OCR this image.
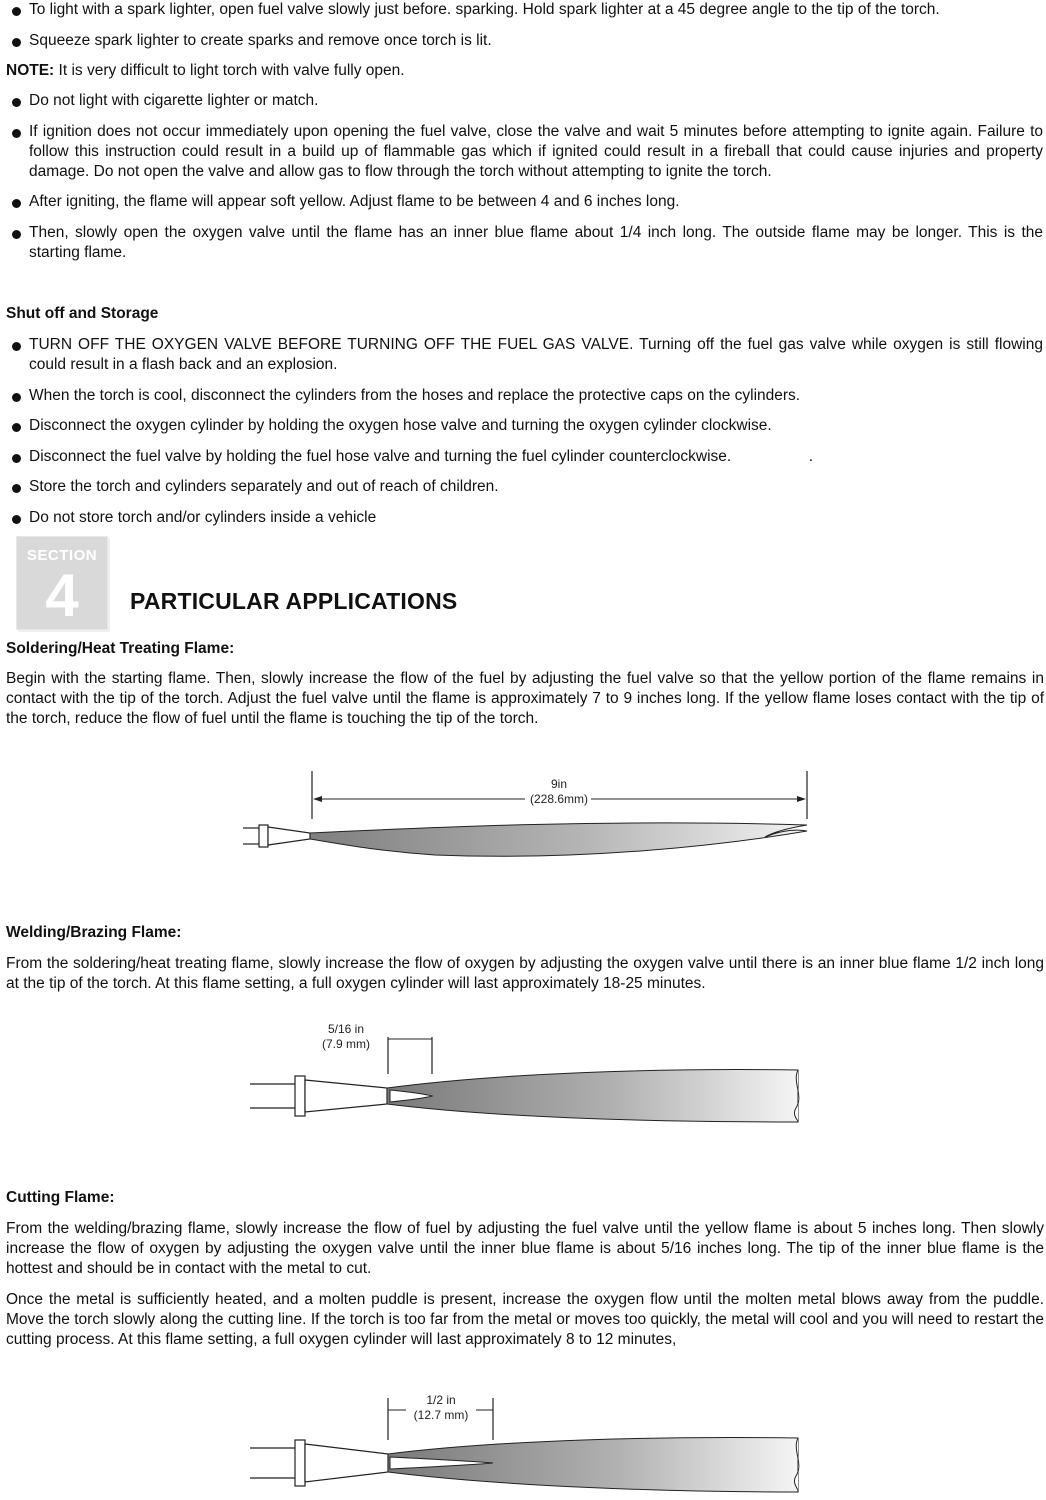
To light with a spark lighter, open fuel valve slowly just before. sparking. Hold spark lighter at a 45 degree angle to the tip of the torch.
Squeeze spark lighter to create sparks and remove once torch is lit.
NOTE: It is very difficult to light torch with valve fully open.
Do not light with cigarette lighter or match.
If ignition does not occur immediately upon opening the fuel valve, close the valve and wait 5 minutes before attempting to ignite again. Failure to follow this instruction could result in a build up of flammable gas which if ignited could result in a fireball that could cause injuries and property damage. Do not open the valve and allow gas to flow through the torch without attempting to ignite the torch.
After igniting, the flame will appear soft yellow. Adjust flame to be between 4 and 6 inches long.
Then, slowly open the oxygen valve until the flame has an inner blue flame about 1/4 inch long. The outside flame may be longer. This is the starting flame.
Shut off and Storage
TURN OFF THE OXYGEN VALVE BEFORE TURNING OFF THE FUEL GAS VALVE. Turning off the fuel gas valve while oxygen is still flowing could result in a flash back and an explosion.
When the torch is cool, disconnect the cylinders from the hoses and replace the protective caps on the cylinders.
Disconnect the oxygen cylinder by holding the oxygen hose valve and turning the oxygen cylinder clockwise.
Disconnect the fuel valve by holding the fuel hose valve and turning the fuel cylinder counterclockwise.                  .
Store the torch and cylinders separately and out of reach of children.
Do not store torch and/or cylinders inside a vehicle
SECTION
4	PARTICULAR APPLICATIONS
Soldering/Heat Treating Flame:
Begin with the starting flame. Then, slowly increase the flow of the fuel by adjusting the fuel valve so that the yellow portion of the flame remains in contact with the tip of the torch. Adjust the fuel valve until the flame is approximately 7 to 9 inches long. If the yellow flame loses contact with the tip of the torch, reduce the flow of fuel until the flame is touching the tip of the torch.
9in
(228.6mm)
Welding/Brazing Flame:
From the soldering/heat treating flame, slowly increase the flow of oxygen by adjusting the oxygen valve until there is an inner blue flame 1/2 inch long at the tip of the torch. At this flame setting, a full oxygen cylinder will last approximately 18-25 minutes.
5/16 in
(7.9 mm)
Cutting Flame:
From the welding/brazing flame, slowly increase the flow of fuel by adjusting the fuel valve until the yellow flame is about 5 inches long. Then slowly increase the flow of oxygen by adjusting the oxygen valve until the inner blue flame is about 5/16 inches long. The tip of the inner blue flame is the hottest and should be in contact with the metal to cut.
Once the metal is sufficiently heated, and a molten puddle is present, increase the oxygen flow until the molten metal blows away from the puddle. Move the torch slowly along the cutting line. If the torch is too far from the metal or moves too quickly, the metal will cool and you will need to restart the cutting process. At this flame setting, a full oxygen cylinder will last approximately 8 to 12 minutes,
1/2 in
(12.7 mm)
